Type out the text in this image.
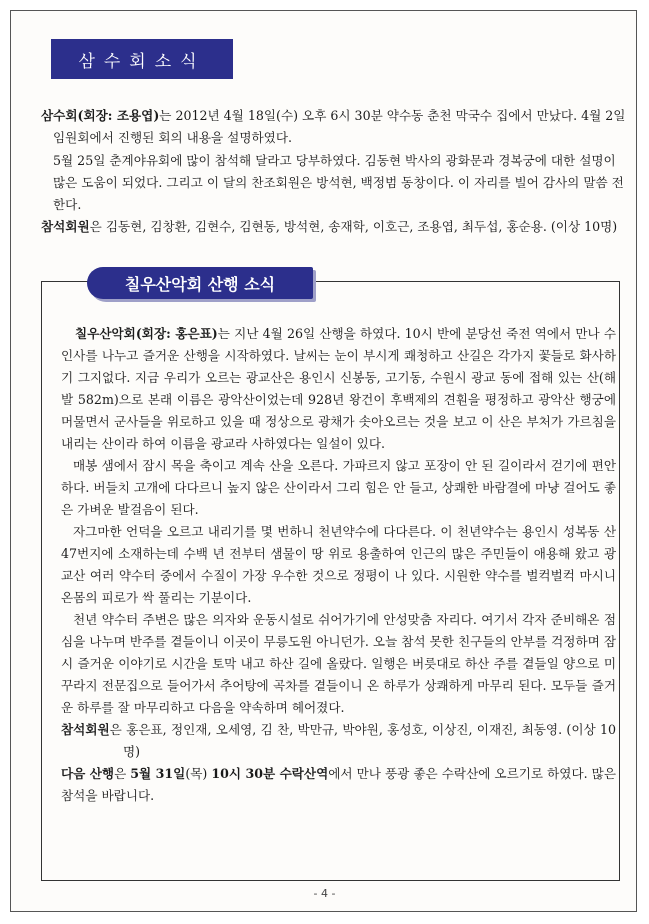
삼수회소식

삼수회(회장: 조용엽)는 2012년 4월 18일(수) 오후 6시 30분 약수동 춘천 막국수 집에서 만났다. 4월 2일 임원회에서 진행된 회의 내용을 설명하였다.

5월 25일 춘계야유회에 많이 참석해 달라고 당부하였다. 김동현 박사의 광화문과 경복궁에 대한 설명이 많은 도움이 되었다. 그리고 이 달의 찬조회원은 방석현, 백정범 동창이다. 이 자리를 빌어 감사의 말씀 전한다.

참석회원은 김동현, 김창환, 김현수, 김현동, 방석현, 송재학, 이호근, 조용엽, 최두섭, 홍순용. (이상 10명)

칠우산악회 산행 소식

칠우산악회(회장: 홍은표)는 지난 4월 26일 산행을 하였다. 10시 반에 분당선 죽전 역에서 만나 수인사를 나누고 즐거운 산행을 시작하였다. 날씨는 눈이 부시게 쾌청하고 산길은 각가지 꽃들로 화사하기 그지없다. 지금 우리가 오르는 광교산은 용인시 신봉동, 고기동, 수원시 광교 동에 접해 있는 산(해발 582m)으로 본래 이름은 광악산이었는데 928년 왕건이 후백제의 견훤을 평정하고 광악산 행궁에 머물면서 군사들을 위로하고 있을 때 정상으로 광채가 솟아오르는 것을 보고 이 산은 부처가 가르침을 내리는 산이라 하여 이름을 광교라 사하였다는 일설이 있다.

매봉 샘에서 잠시 목을 축이고 계속 산을 오른다. 가파르지 않고 포장이 안 된 길이라서 걷기에 편안하다. 버들치 고개에 다다르니 높지 않은 산이라서 그리 힘은 안 들고, 상쾌한 바람결에 마냥 걸어도 좋은 가벼운 발걸음이 된다.

자그마한 언덕을 오르고 내리기를 몇 번하니 천년약수에 다다른다. 이 천년약수는 용인시 성복동 산 47번지에 소재하는데 수백 년 전부터 샘물이 땅 위로 용출하여 인근의 많은 주민들이 애용해 왔고 광교산 여러 약수터 중에서 수질이 가장 우수한 것으로 정평이 나 있다. 시원한 약수를 벌컥벌컥 마시니 온몸의 피로가 싹 풀리는 기분이다.

천년 약수터 주변은 많은 의자와 운동시설로 쉬어가기에 안성맞춤 자리다. 여기서 각자 준비해온 점심을 나누며 반주를 곁들이니 이곳이 무릉도원 아니던가. 오늘 참석 못한 친구들의 안부를 걱정하며 잠시 즐거운 이야기로 시간을 토막 내고 하산 길에 올랐다. 일행은 버릇대로 하산 주를 곁들일 양으로 미꾸라지 전문집으로 들어가서 추어탕에 곡차를 곁들이니 온 하루가 상쾌하게 마무리 된다. 모두들 즐거운 하루를 잘 마무리하고 다음을 약속하며 헤어졌다.

참석회원은 홍은표, 정인재, 오세영, 김 찬, 박만규, 박야원, 홍성호, 이상진, 이재진, 최동영. (이상 10명)

다음 산행은 5월 31일(목) 10시 30분 수락산역에서 만나 풍광 좋은 수락산에 오르기로 하였다. 많은 참석을 바랍니다.

- 4 -
